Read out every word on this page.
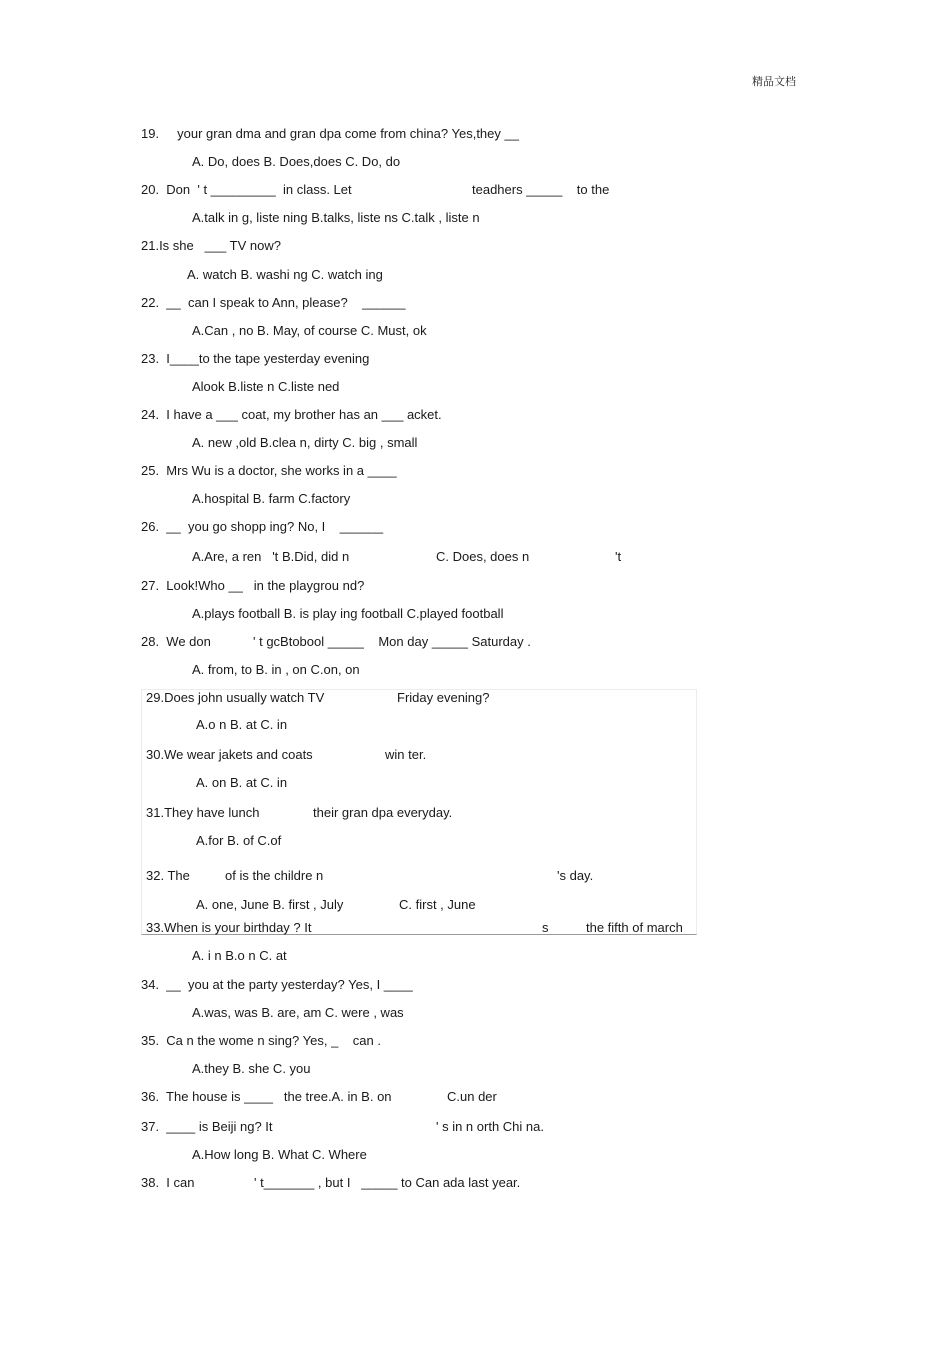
精品文档
19.     your gran dma and gran dpa come from china? Yes,they __
A. Do, does B. Does,does C. Do, do
20.  Don  ' t _________  in class. Let	teadhers _____    to the
A.talk in g, liste ning B.talks, liste ns C.talk , liste n
21.Is she   ___ TV now?
A. watch B. washi ng C. watch ing
22.  __  can I speak to Ann, please?    ______
A.Can , no B. May, of course C. Must, ok
23.  I____to the tape yesterday evening
Alook B.liste n C.liste ned
24.  I have a ___ coat, my brother has an ___ acket.
A. new ,old B.clea n, dirty C. big , small
25.  Mrs Wu is a doctor, she works in a ____
A.hospital B. farm C.factory
26.  __  you go shopp ing? No, I    ______
A.Are, a ren   't B.Did, did n	C. Does, does n	't
27.  Look!Who __   in the playgrou nd?
A.plays football B. is play ing football C.played football
28.  We don	' t gcBtobool _____    Mon day _____ Saturday .
A. from, to B. in , on C.on, on
29.Does john usually watch TV	Friday evening?
A.o n B. at C. in
30.We wear jakets and coats	win ter.
A. on B. at C. in
31.They have lunch	their gran dpa everyday.
A.for B. of C.of
32. The	of is the childre n	's day.
A. one, June B. first , July	C. first , June
33.When is your birthday ? It	s	the fifth of march
A. i n B.o n C. at
34.  __  you at the party yesterday? Yes, I ____
A.was, was B. are, am C. were , was
35.  Ca n the wome n sing? Yes, _    can .
A.they B. she C. you
36.  The house is ____   the tree.A. in B. on	C.un der
37.  ____ is Beiji ng? It	' s in n orth Chi na.
A.How long B. What C. Where
38.  I can	' t_______ , but I   _____ to Can ada last year.
